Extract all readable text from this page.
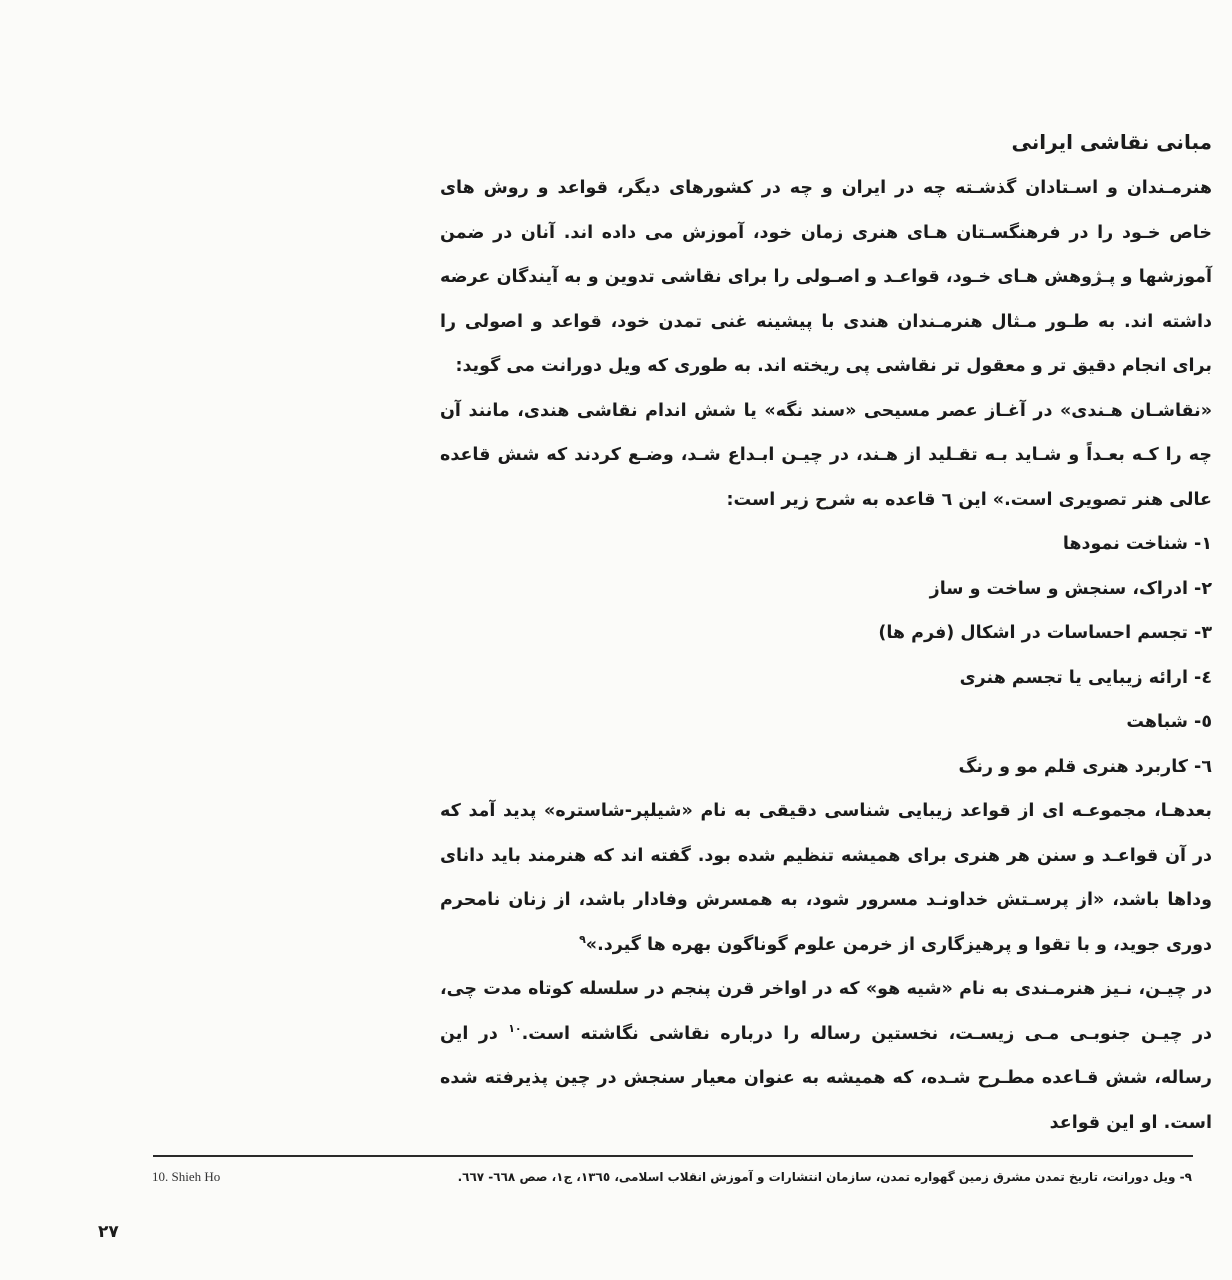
مبانی نقاشی ایرانی

هنرمـندان و اسـتادان گذشـته چه در ایران و چه در کشورهای دیگر، قواعد و روش های خاص خـود را در فرهنگسـتان هـای هنری زمان خود، آموزش می داده اند. آنان در ضمن آموزشها و پـژوهش هـای خـود، قواعـد و اصـولی را برای نقاشی تدوین و به آیندگان عرضه داشته اند. به طـور مـثال هنرمـندان هندی با پیشینه غنی تمدن خود، قواعد و اصولی را برای انجام دقیق تر و معقول تر نقاشی پی ریخته اند. به طوری که ویل دورانت می گوید:

«نقاشـان هـندی» در آغـاز عصر مسیحی «سند نگه» یا شش اندام نقاشی هندی، مانند آن چه را کـه بعـداً و شـاید بـه تقـلید از هـند، در چیـن ابـداع شـد، وضـع کردند که شش قاعده عالی هنر تصویری است.» این ٦ قاعده به شرح زیر است:

١- شناخت نمودها
٢- ادراک، سنجش و ساخت و ساز
٣- تجسم احساسات در اشکال (فرم ها)
٤- ارائه زیبایی یا تجسم هنری
٥- شباهت
٦- کاربرد هنری قلم مو و رنگ

بعدهـا، مجموعـه ای از قواعد زیبایی شناسی دقیقی به نام «شیلپر-شاستره» پدید آمد که در آن قواعـد و سنن هر هنری برای همیشه تنظیم شده بود. گفته اند که هنرمند باید دانای وداها باشد، «از پرسـتش خداونـد مسرور شود، به همسرش وفادار باشد، از زنان نامحرم دوری جوید، و با تقوا و پرهیزگاری از خرمن علوم گوناگون بهره ها گیرد.»$^٩$

در چیـن، نـیز هنرمـندی به نام «شیه هو» که در اواخر قرن پنجم در سلسله کوتاه مدت چی، در چیـن جنوبـی مـی زیسـت، نخستین رساله را درباره نقاشی نگاشته است.$^{١٠}$ در این رساله، شش قـاعده مطـرح شـده، که همیشه به عنوان معیار سنجش در چین پذیرفته شده است. او این قواعد

٩- ویل دورانت، تاریخ تمدن مشرق زمین گهواره تمدن، سازمان انتشارات و آموزش انقلاب اسلامی، ١٣٦٥، ج١، صص ٦٦٨- ٦٦٧.
10. Shieh Ho
٢٧
